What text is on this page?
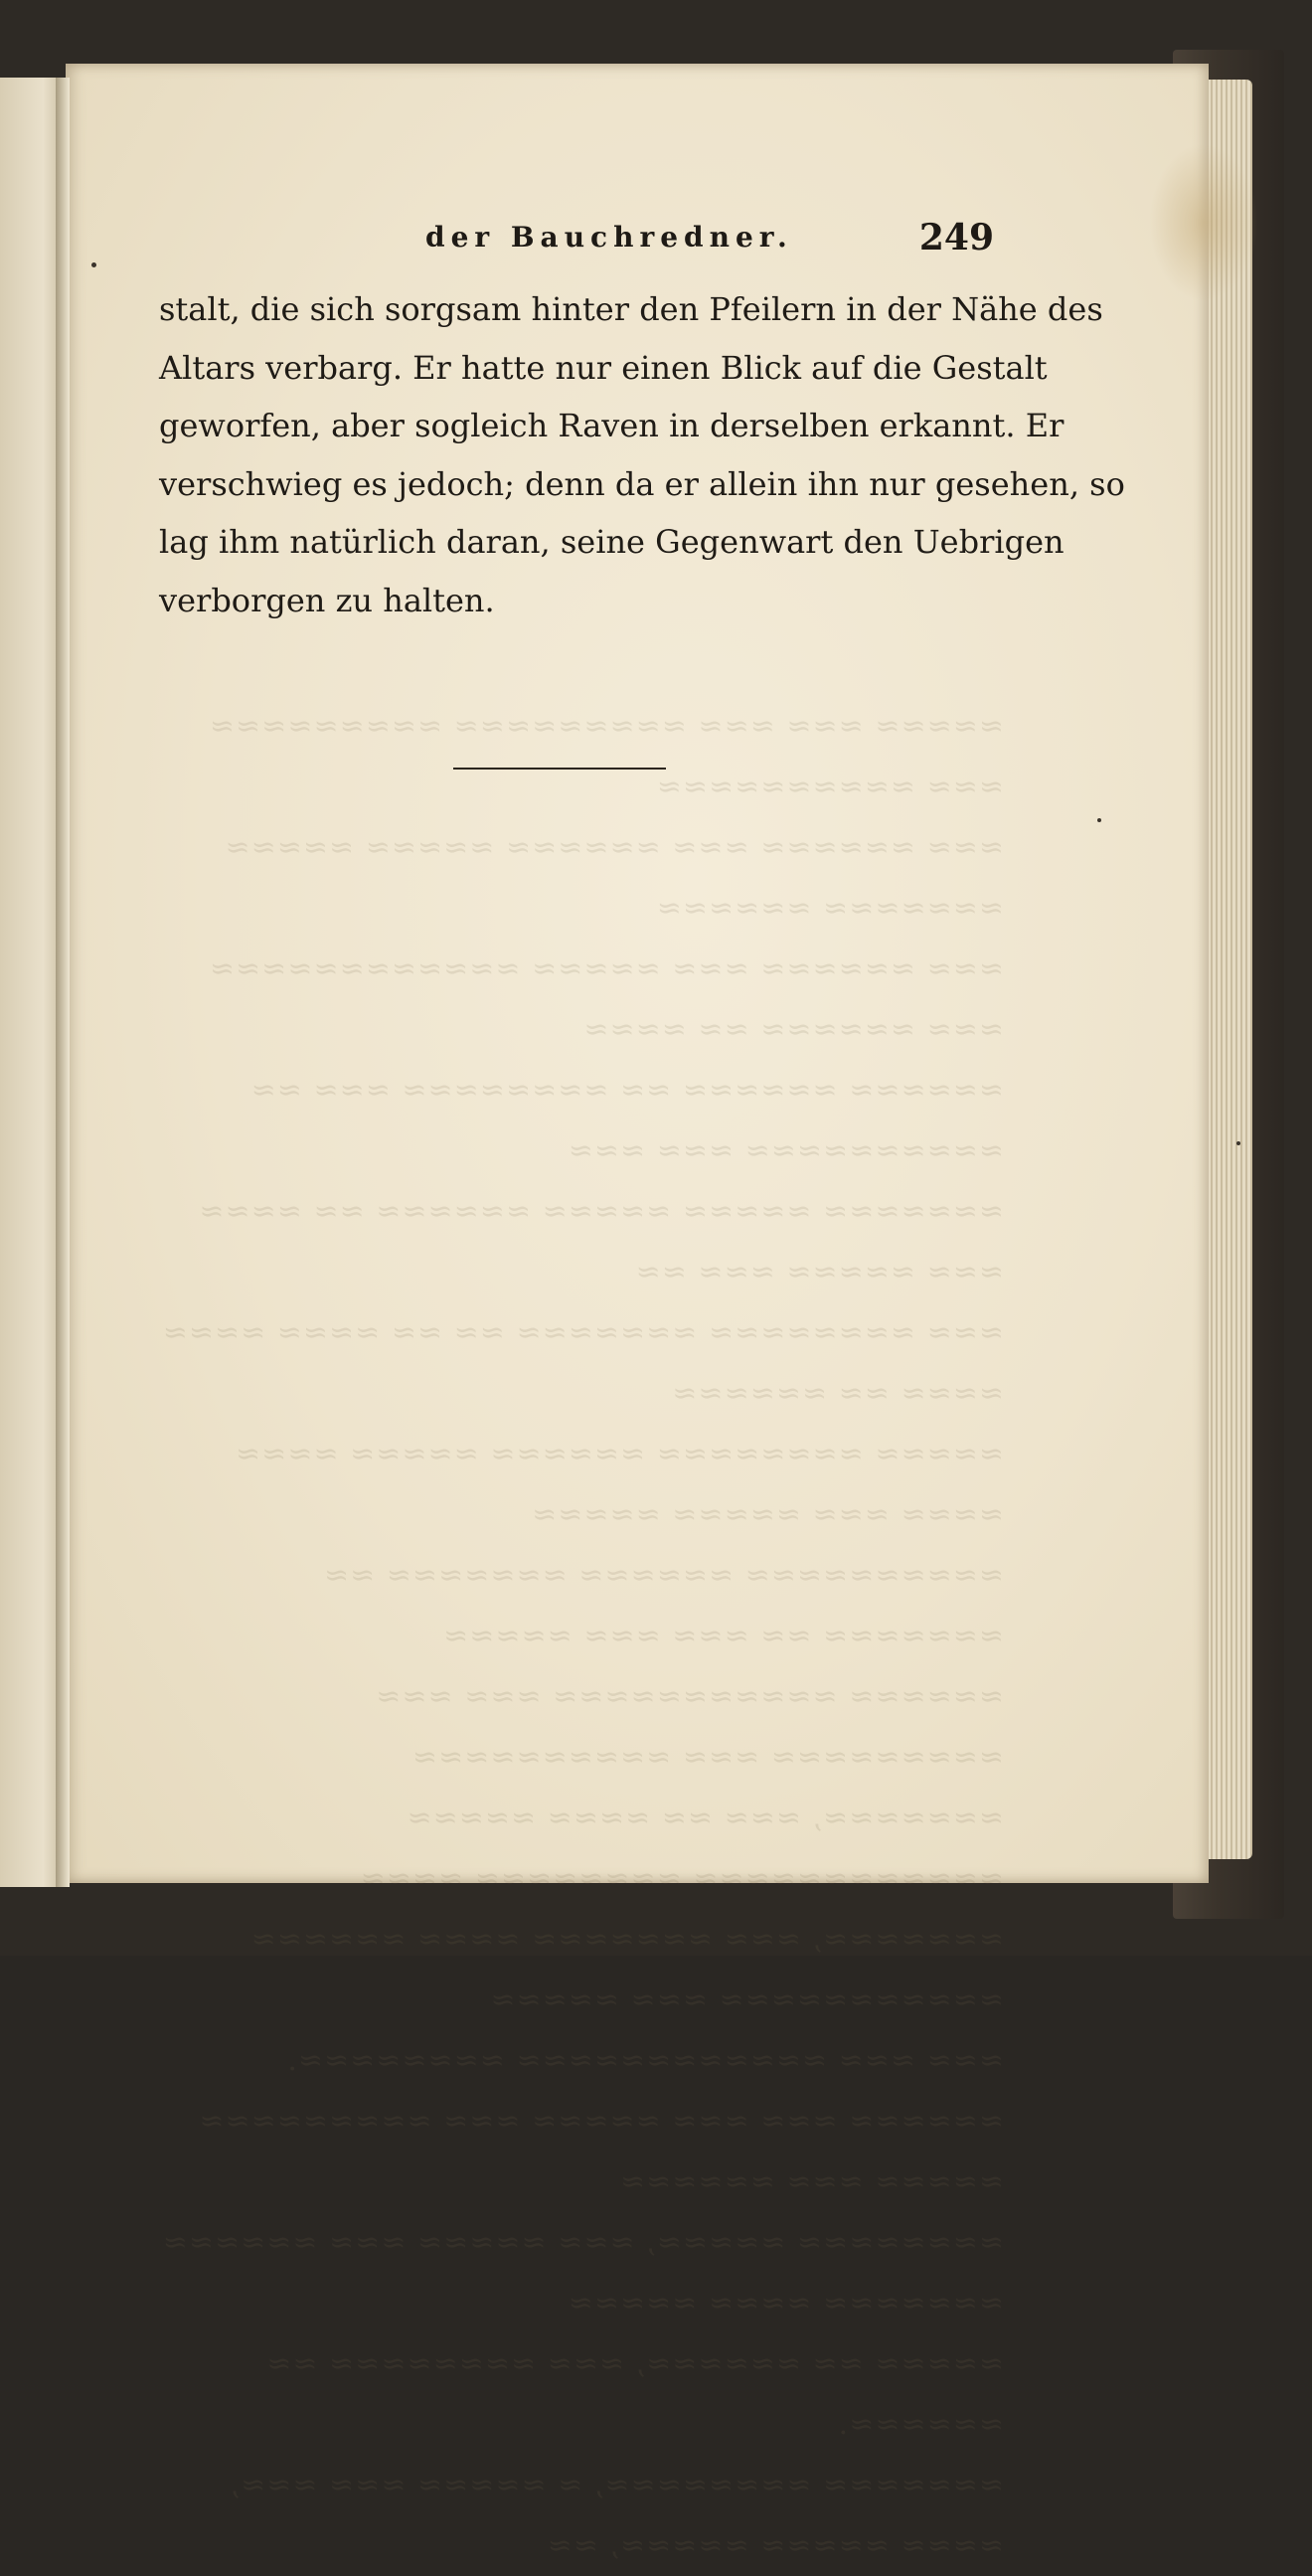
≈≈≈≈≈ ≈≈≈ ≈≈≈ ≈≈≈≈≈≈≈≈≈ ≈≈≈≈≈≈≈≈≈ ≈≈≈ ≈≈≈≈≈≈≈≈≈≈
≈≈≈ ≈≈≈≈≈≈ ≈≈≈ ≈≈≈≈≈≈ ≈≈≈≈≈ ≈≈≈≈≈ ≈≈≈≈≈≈≈ ≈≈≈≈≈≈
≈≈≈ ≈≈≈≈≈≈ ≈≈≈ ≈≈≈≈≈ ≈≈≈≈≈≈≈≈≈≈≈≈ ≈≈≈ ≈≈≈≈≈≈ ≈≈ ≈≈≈≈
≈≈≈≈≈≈ ≈≈≈≈≈≈ ≈≈ ≈≈≈≈≈≈≈≈ ≈≈≈ ≈≈ ≈≈≈≈≈≈≈≈≈≈ ≈≈≈ ≈≈≈
≈≈≈≈≈≈≈ ≈≈≈≈≈ ≈≈≈≈≈ ≈≈≈≈≈≈ ≈≈ ≈≈≈≈ ≈≈≈ ≈≈≈≈≈ ≈≈≈ ≈≈
≈≈≈ ≈≈≈≈≈≈≈≈ ≈≈≈≈≈≈≈ ≈≈ ≈≈ ≈≈≈≈ ≈≈≈≈ ≈≈≈≈ ≈≈ ≈≈≈≈≈≈
≈≈≈≈≈ ≈≈≈≈≈≈≈≈ ≈≈≈≈≈≈ ≈≈≈≈≈ ≈≈≈≈ ≈≈≈≈ ≈≈≈ ≈≈≈≈≈ ≈≈≈≈≈
≈≈≈≈≈≈≈≈≈≈ ≈≈≈≈≈≈ ≈≈≈≈≈≈≈ ≈≈ ≈≈≈≈≈≈≈ ≈≈ ≈≈≈ ≈≈≈ ≈≈≈≈≈
≈≈≈≈≈≈ ≈≈≈≈≈≈≈≈≈≈≈ ≈≈≈ ≈≈≈ ≈≈≈≈≈≈≈≈≈ ≈≈≈ ≈≈≈≈≈≈≈≈≈≈
≈≈≈≈≈≈≈, ≈≈≈ ≈≈ ≈≈≈≈ ≈≈≈≈≈ ≈≈≈≈≈≈≈≈≈≈≈≈ ≈≈≈≈≈≈≈≈ ≈≈≈≈
≈≈≈≈≈≈≈, ≈≈≈ ≈≈≈≈≈≈≈ ≈≈≈≈ ≈≈≈≈≈≈ ≈≈≈≈≈≈≈≈≈≈≈ ≈≈≈ ≈≈≈≈≈
≈≈≈ ≈≈≈ ≈≈≈≈≈≈≈≈≈≈≈≈ ≈≈≈≈≈≈≈≈.
≈≈≈≈≈≈ ≈≈≈ ≈≈≈ ≈≈≈≈≈ ≈≈≈ ≈≈≈≈≈≈≈≈≈ ≈≈≈≈≈ ≈≈≈ ≈≈≈≈≈≈
≈≈≈≈≈≈≈≈ ≈≈≈≈≈, ≈≈≈ ≈≈≈≈≈ ≈≈≈ ≈≈≈≈≈≈ ≈≈≈≈≈≈≈ ≈≈≈≈ ≈≈≈≈≈
≈≈≈≈≈ ≈≈ ≈≈≈≈≈≈, ≈≈≈ ≈≈≈≈≈≈≈≈ ≈≈ ≈≈≈≈≈≈.
≈≈≈≈≈≈≈ ≈≈≈≈≈≈≈≈, ≈ ≈≈≈≈≈ ≈≈≈ ≈≈≈, ≈≈≈≈ ≈≈≈≈≈ ≈≈≈≈≈, ≈≈
der Bauchredner.	249
stalt, die sich sorgsam hinter den Pfeilern in der Nähe des
Altars verbarg. Er hatte nur einen Blick auf die Gestalt
geworfen, aber sogleich Raven in derselben erkannt. Er
verschwieg es jedoch; denn da er allein ihn nur gesehen, so
lag ihm natürlich daran, seine Gegenwart den Uebrigen
verborgen zu halten.
